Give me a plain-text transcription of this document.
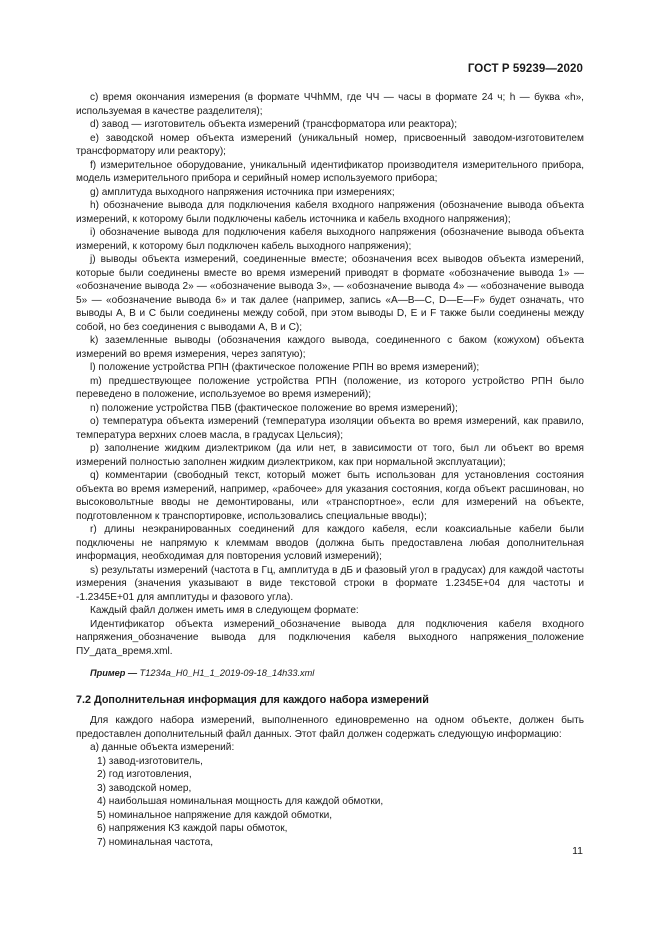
ГОСТ Р 59239—2020

c) время окончания измерения (в формате ЧЧhММ, где ЧЧ — часы в формате 24 ч; h — буква «h», используемая в качестве разделителя);

d) завод — изготовитель объекта измерений (трансформатора или реактора);

e) заводской номер объекта измерений (уникальный номер, присвоенный заводом-изготовителем трансформатору или реактору);

f) измерительное оборудование, уникальный идентификатор производителя измерительного прибора, модель измерительного прибора и серийный номер используемого прибора;

g) амплитуда выходного напряжения источника при измерениях;

h) обозначение вывода для подключения кабеля входного напряжения (обозначение вывода объекта измерений, к которому были подключены кабель источника и кабель входного напряжения);

i) обозначение вывода для подключения кабеля выходного напряжения (обозначение вывода объекта измерений, к которому был подключен кабель выходного напряжения);

j) выводы объекта измерений, соединенные вместе; обозначения всех выводов объекта измерений, которые были соединены вместе во время измерений приводят в формате «обозначение вывода 1» — «обозначение вывода 2» — «обозначение вывода 3», — «обозначение вывода 4» — «обозначение вывода 5» — «обозначение вывода 6» и так далее (например, запись «А—В—С, D—Е—F» будет означать, что выводы А, В и С были соединены между собой, при этом выводы D, Е и F также были соединены между собой, но без соединения с выводами А, В и С);

k) заземленные выводы (обозначения каждого вывода, соединенного с баком (кожухом) объекта измерений во время измерения, через запятую);

l) положение устройства РПН (фактическое положение РПН во время измерений);

m) предшествующее положение устройства РПН (положение, из которого устройство РПН было переведено в положение, используемое во время измерений);

n) положение устройства ПБВ (фактическое положение во время измерений);

o) температура объекта измерений (температура изоляции объекта во время измерений, как правило, температура верхних слоев масла, в градусах Цельсия);

p) заполнение жидким диэлектриком (да или нет, в зависимости от того, был ли объект во время измерений полностью заполнен жидким диэлектриком, как при нормальной эксплуатации);

q) комментарии (свободный текст, который может быть использован для установления состояния объекта во время измерений, например, «рабочее» для указания состояния, когда объект расшинован, но высоковольтные вводы не демонтированы, или «транспортное», если для измерений на объекте, подготовленном к транспортировке, использовались специальные вводы);

r) длины неэкранированных соединений для каждого кабеля, если коаксиальные кабели были подключены не напрямую к клеммам вводов (должна быть предоставлена любая дополнительная информация, необходимая для повторения условий измерений);

s) результаты измерений (частота в Гц, амплитуда в дБ и фазовый угол в градусах) для каждой частоты измерения (значения указывают в виде текстовой строки в формате 1.2345Е+04 для частоты и -1.2345Е+01 для амплитуды и фазового угла).

Каждый файл должен иметь имя в следующем формате:

Идентификатор объекта измерений_обозначение вывода для подключения кабеля входного напряжения_обозначение вывода для подключения кабеля выходного напряжения_положение ПУ_дата_время.xml.

Пример — T1234a_H0_H1_1_2019-09-18_14h33.xml

7.2 Дополнительная информация для каждого набора измерений

Для каждого набора измерений, выполненного единовременно на одном объекте, должен быть предоставлен дополнительный файл данных. Этот файл должен содержать следующую информацию:

а) данные объекта измерений:

1) завод-изготовитель,

2) год изготовления,

3) заводской номер,

4) наибольшая номинальная мощность для каждой обмотки,

5) номинальное напряжение для каждой обмотки,

6) напряжения КЗ каждой пары обмоток,

7) номинальная частота,

11
